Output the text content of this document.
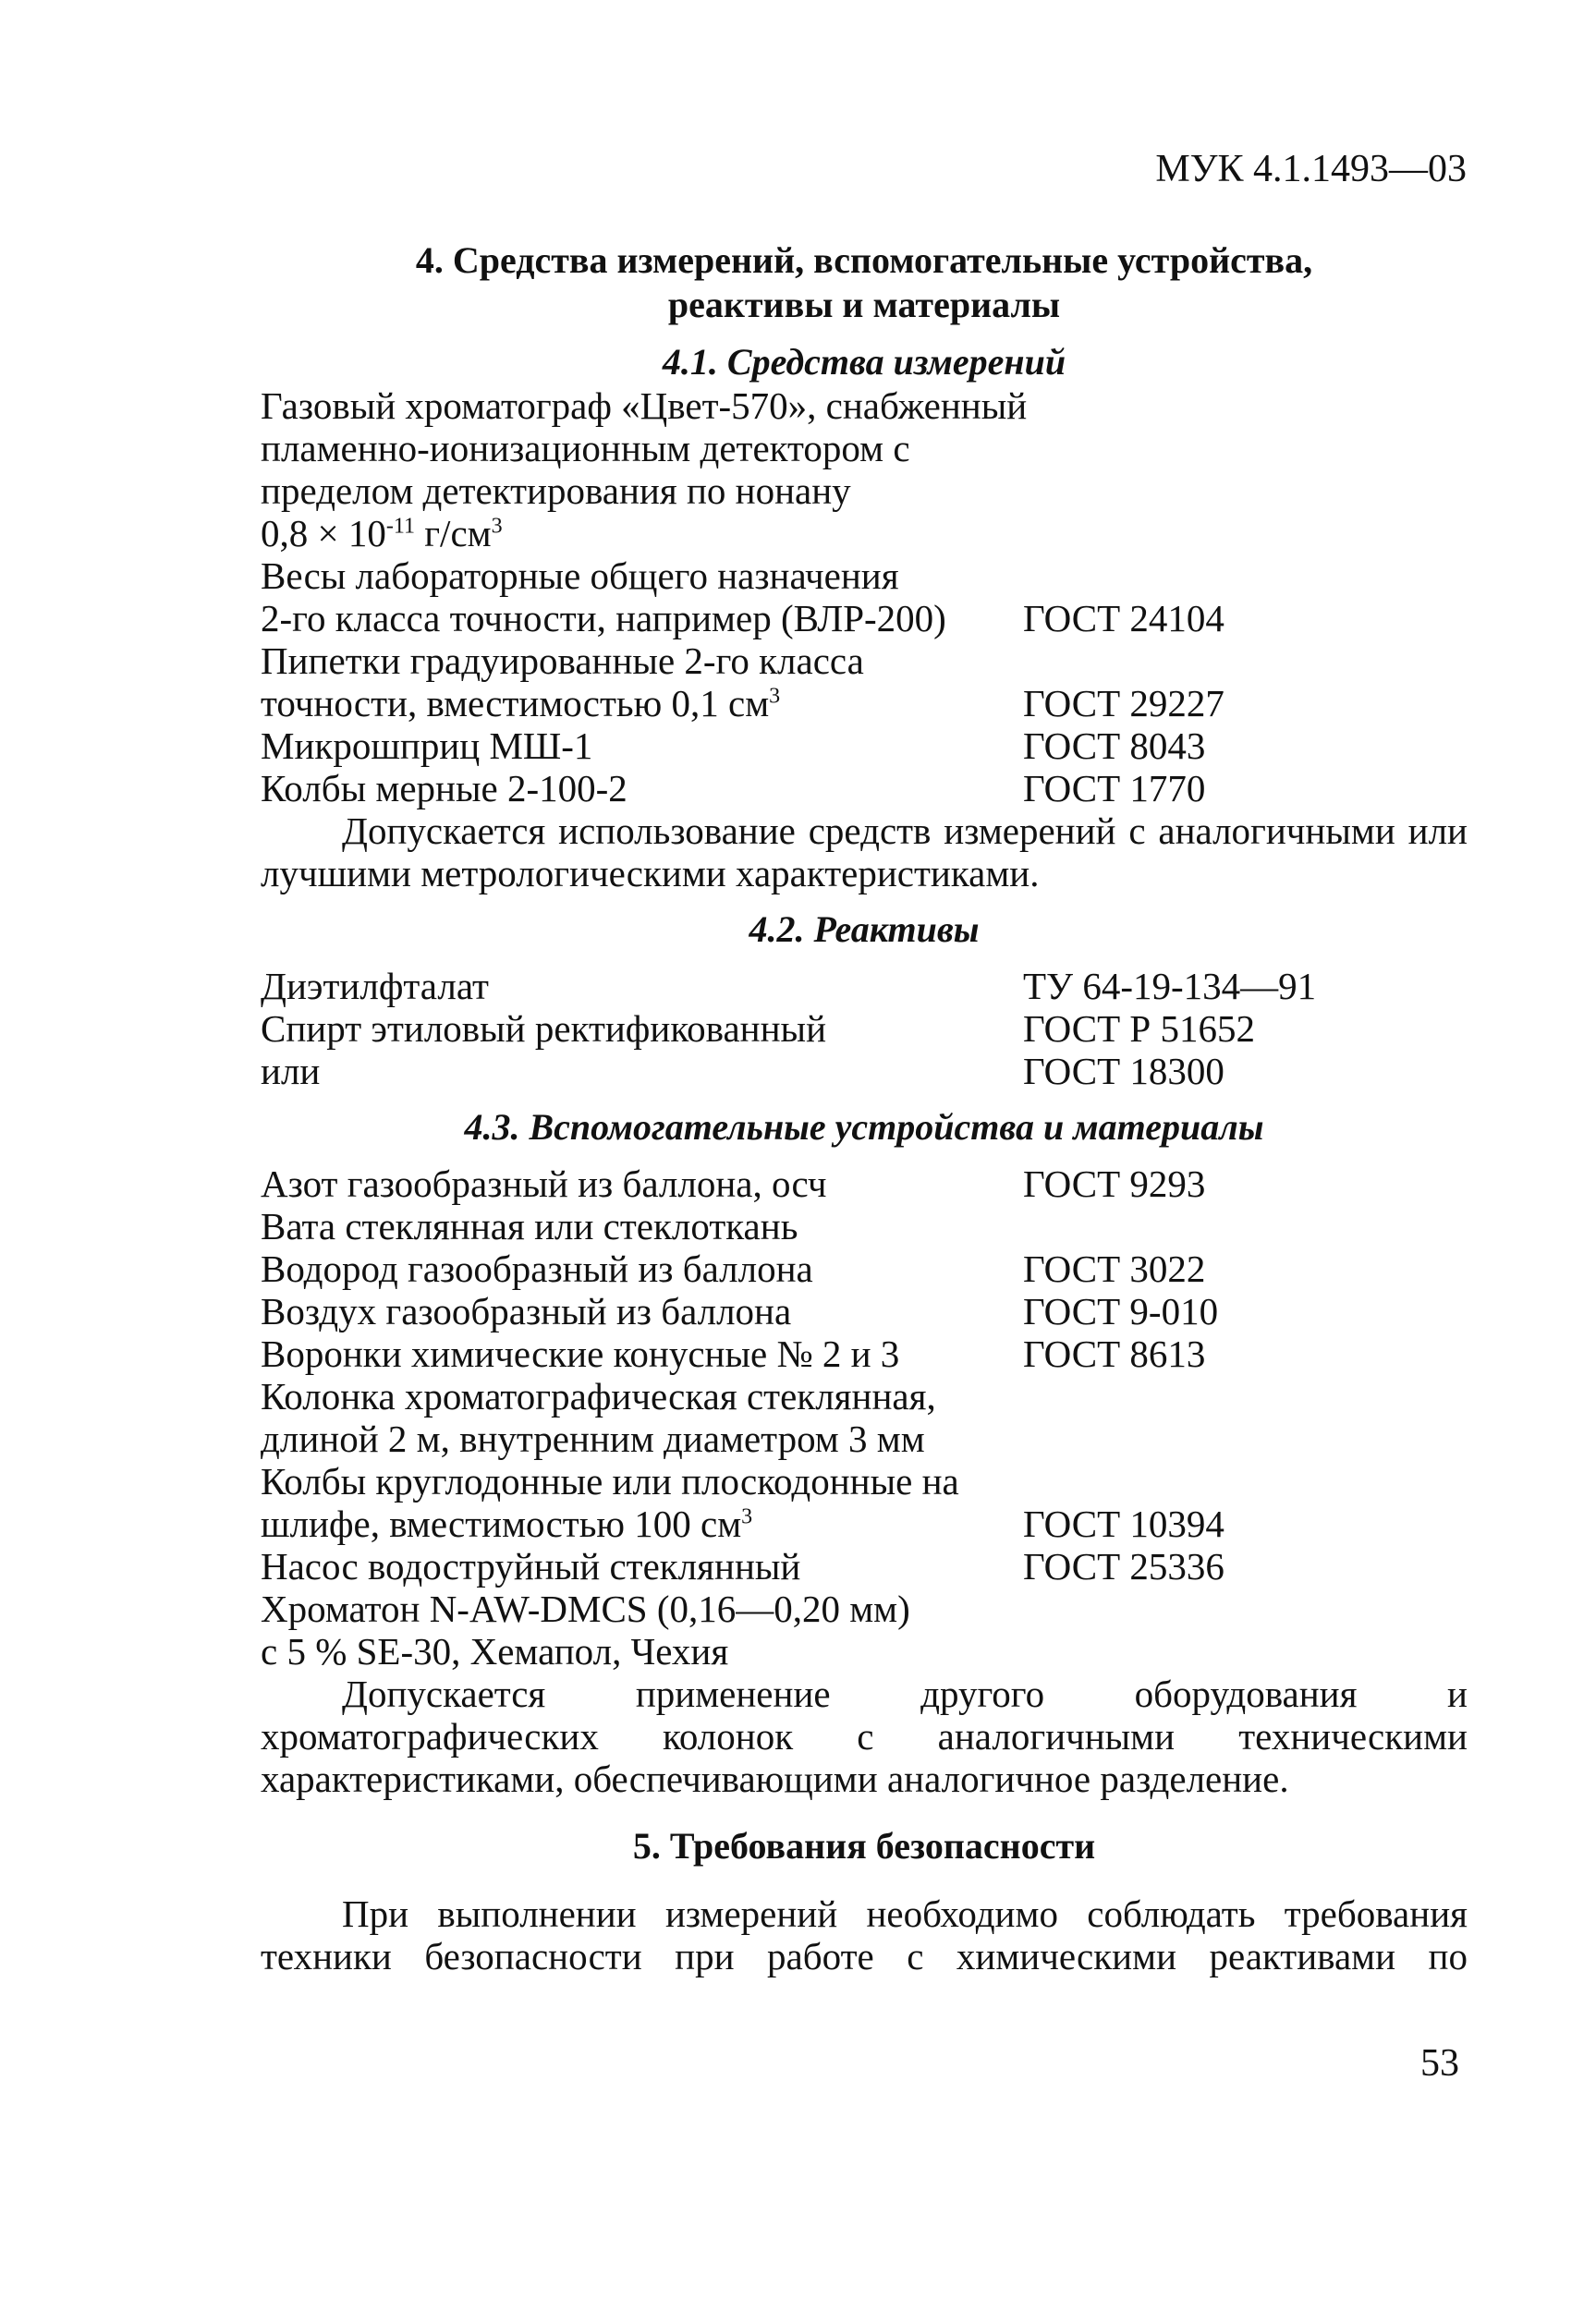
МУК 4.1.1493—03
4. Средства измерений, вспомогательные устройства,
реактивы и материалы
4.1. Средства измерений
Газовый хроматограф «Цвет-570», снабженный
пламенно-ионизационным детектором с
пределом детектирования по нонану
$0,8 \times 10^{-11}$ $г/см^3$
Весы лабораторные общего назначения
2-го класса точности, например (ВЛР-200)	ГОСТ 24104
Пипетки градуированные 2-го класса
точности, вместимостью 0,1 $см^3$	ГОСТ 29227
Микрошприц МШ-1	ГОСТ 8043
Колбы мерные 2-100-2	ГОСТ 1770
Допускается использование средств измерений с аналогичными или лучшими метрологическими характеристиками.
4.2. Реактивы
Диэтилфталат	ТУ 64-19-134—91
Спирт этиловый ректификованный	ГОСТ Р 51652
или	ГОСТ 18300
4.3. Вспомогательные устройства и материалы
Азот газообразный из баллона, осч	ГОСТ 9293
Вата стеклянная или стеклоткань
Водород газообразный из баллона	ГОСТ 3022
Воздух газообразный из баллона	ГОСТ 9-010
Воронки химические конусные № 2 и 3	ГОСТ 8613
Колонка хроматографическая стеклянная,
длиной 2 м, внутренним диаметром 3 мм
Колбы круглодонные или плоскодонные на
шлифе, вместимостью 100 $см^3$	ГОСТ 10394
Насос водоструйный стеклянный	ГОСТ 25336
Хроматон N-AW-DMCS (0,16—0,20 мм)
с 5 % SE-30, Хемапол, Чехия
Допускается применение другого оборудования и хроматографических колонок с аналогичными техническими характеристиками, обеспечивающими аналогичное разделение.
5. Требования безопасности
При выполнении измерений необходимо соблюдать требования
техники безопасности при работе с химическими реактивами по
53
